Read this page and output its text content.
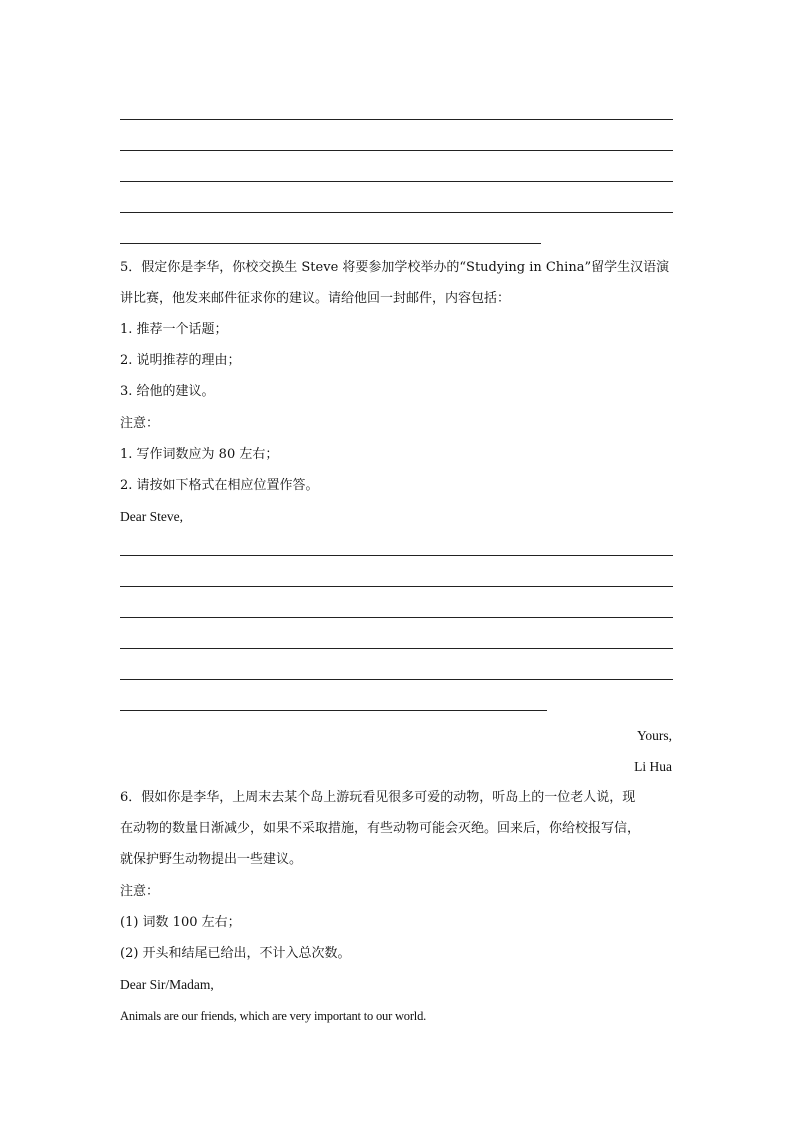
5．假定你是李华，你校交换生 Steve 将要参加学校举办的“Studying in China”留学生汉语演
讲比赛，他发来邮件征求你的建议。请给他回一封邮件，内容包括：
1. 推荐一个话题；
2. 说明推荐的理由；
3. 给他的建议。
注意：
1. 写作词数应为 80 左右；
2. 请按如下格式在相应位置作答。
Dear Steve,
Yours,
Li Hua
6．假如你是李华，上周末去某个岛上游玩看见很多可爱的动物，听岛上的一位老人说，现
在动物的数量日渐减少，如果不采取措施，有些动物可能会灭绝。回来后，你给校报写信，
就保护野生动物提出一些建议。
注意：
(1) 词数 100 左右；
(2) 开头和结尾已给出，不计入总次数。
Dear Sir/Madam,
Animals are our friends, which are very important to our world.
